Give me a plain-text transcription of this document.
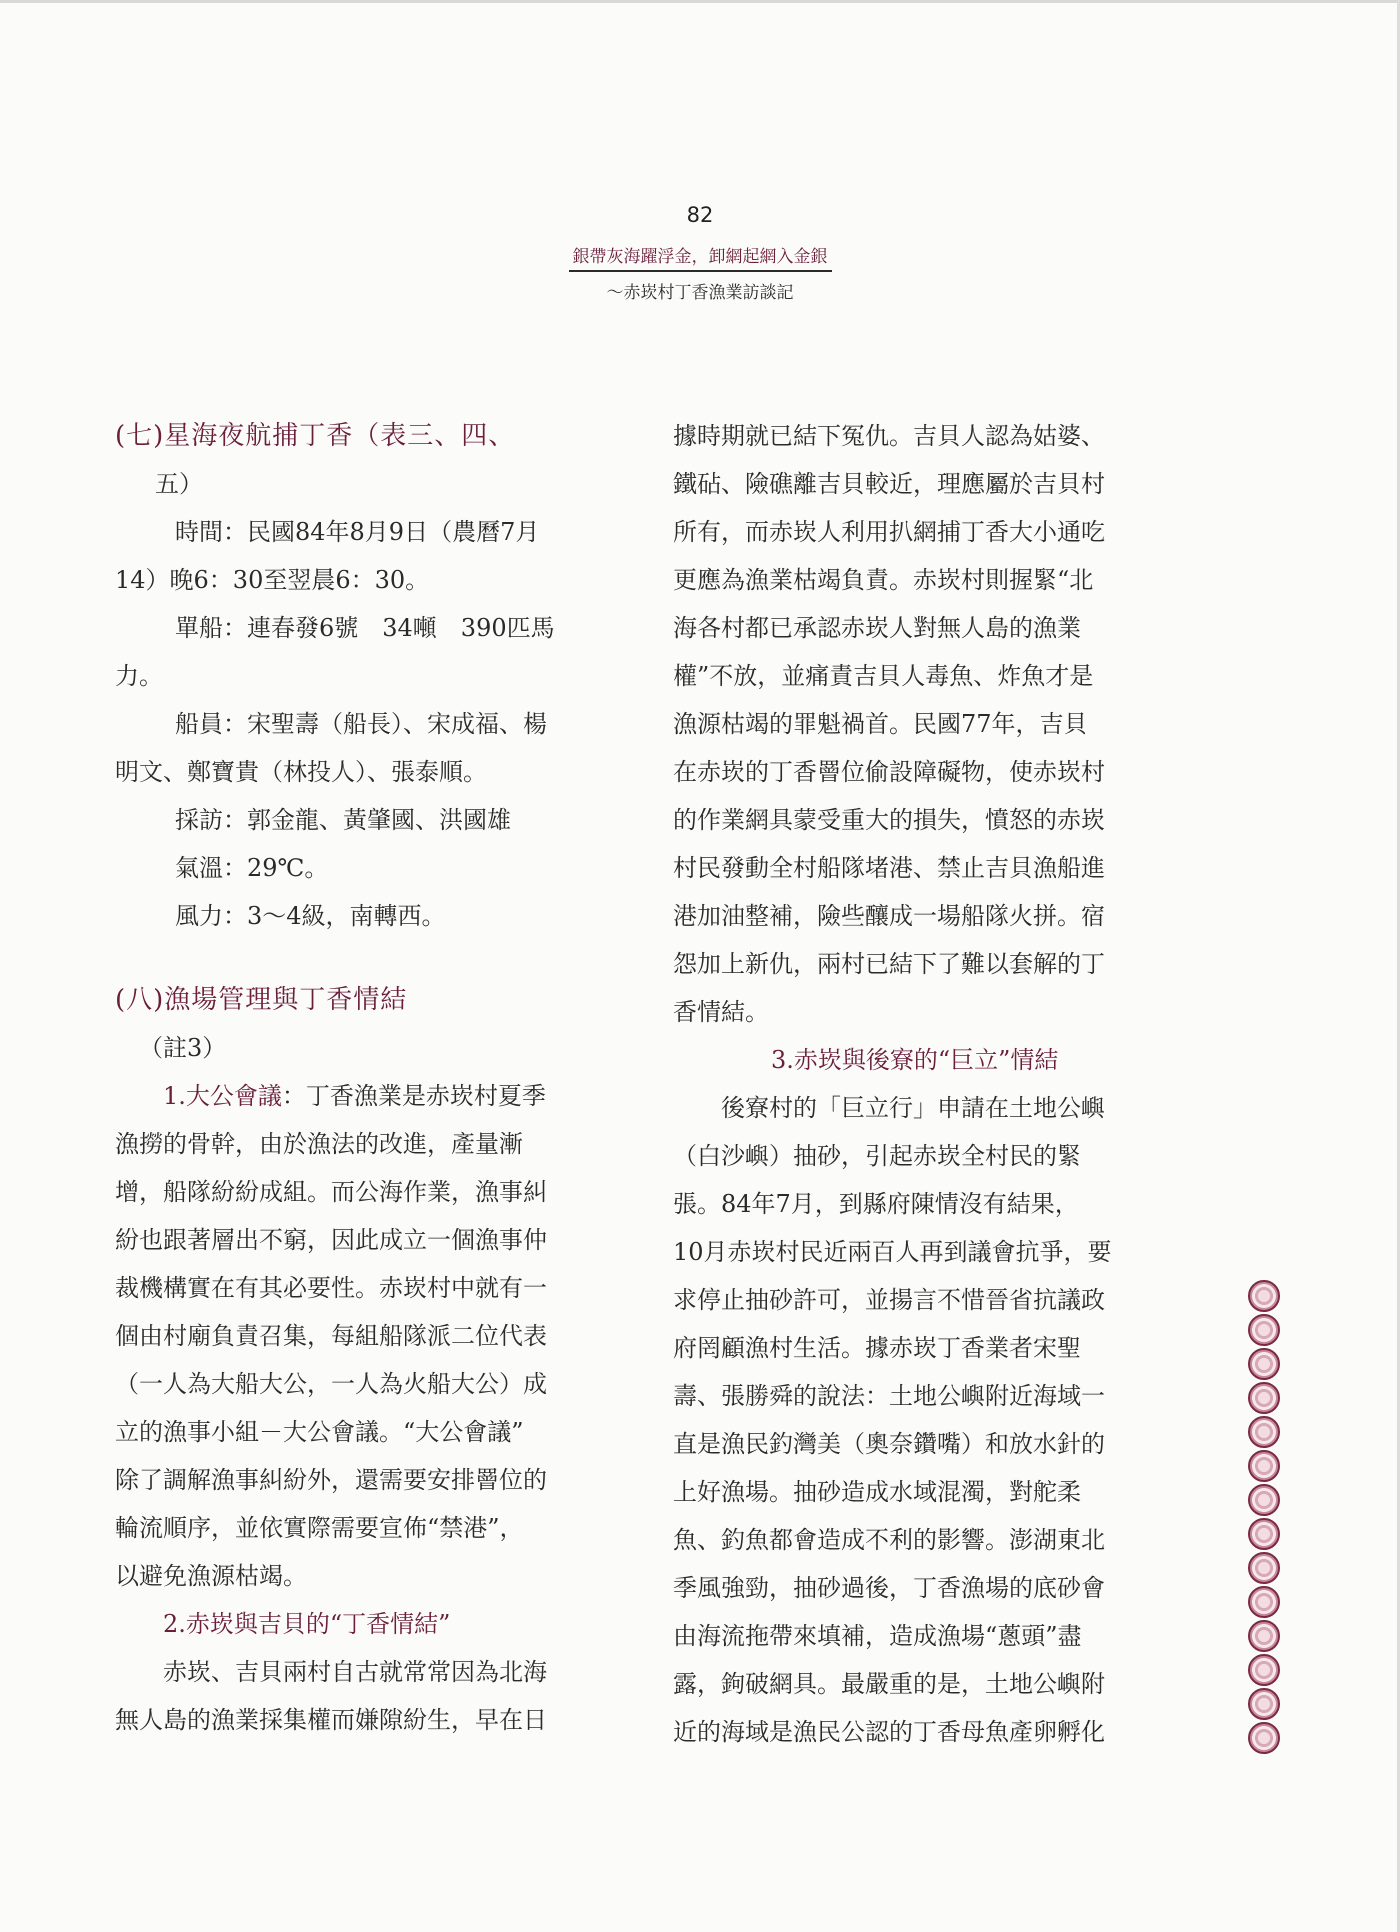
82
銀帶灰海躍浮金，卸網起網入金銀
～赤崁村丁香漁業訪談記
(七)星海夜航捕丁香（表三、四、
五）
時間：民國84年8月9日（農曆7月
14）晚6：30至翌晨6：30。
單船：連春發6號　34噸　390匹馬
力。
船員：宋聖壽（船長）、宋成福、楊
明文、鄭寶貴（林投人）、張泰順。
採訪：郭金龍、黃肇國、洪國雄
氣溫：29℃。
風力：3～4級，南轉西。
(八)漁場管理與丁香情結
（註3）
1.大公會議：丁香漁業是赤崁村夏季
漁撈的骨幹，由於漁法的改進，產量漸
增，船隊紛紛成組。而公海作業，漁事糾
紛也跟著層出不窮，因此成立一個漁事仲
裁機構實在有其必要性。赤崁村中就有一
個由村廟負責召集，每組船隊派二位代表
（一人為大船大公，一人為火船大公）成
立的漁事小組－大公會議。“大公會議”
除了調解漁事糾紛外，還需要安排罾位的
輪流順序，並依實際需要宣佈“禁港”，
以避免漁源枯竭。
2.赤崁與吉貝的“丁香情結”
赤崁、吉貝兩村自古就常常因為北海
無人島的漁業採集權而嫌隙紛生，早在日
據時期就已結下冤仇。吉貝人認為姑婆、
鐵砧、險礁離吉貝較近，理應屬於吉貝村
所有，而赤崁人利用扒網捕丁香大小通吃
更應為漁業枯竭負責。赤崁村則握緊“北
海各村都已承認赤崁人對無人島的漁業
權”不放，並痛責吉貝人毒魚、炸魚才是
漁源枯竭的罪魁禍首。民國77年，吉貝
在赤崁的丁香罾位偷設障礙物，使赤崁村
的作業網具蒙受重大的損失，憤怒的赤崁
村民發動全村船隊堵港、禁止吉貝漁船進
港加油整補，險些釀成一場船隊火拼。宿
怨加上新仇，兩村已結下了難以套解的丁
香情結。
3.赤崁與後寮的“巨立”情結
後寮村的「巨立行」申請在土地公嶼
（白沙嶼）抽砂，引起赤崁全村民的緊
張。84年7月，到縣府陳情沒有結果，
10月赤崁村民近兩百人再到議會抗爭，要
求停止抽砂許可，並揚言不惜晉省抗議政
府罔顧漁村生活。據赤崁丁香業者宋聖
壽、張勝舜的說法：土地公嶼附近海域一
直是漁民釣灣美（奧奈鑽嘴）和放水針的
上好漁場。抽砂造成水域混濁，對舵柔
魚、釣魚都會造成不利的影響。澎湖東北
季風強勁，抽砂過後，丁香漁場的底砂會
由海流拖帶來填補，造成漁場“蔥頭”盡
露，鉤破網具。最嚴重的是，土地公嶼附
近的海域是漁民公認的丁香母魚產卵孵化
